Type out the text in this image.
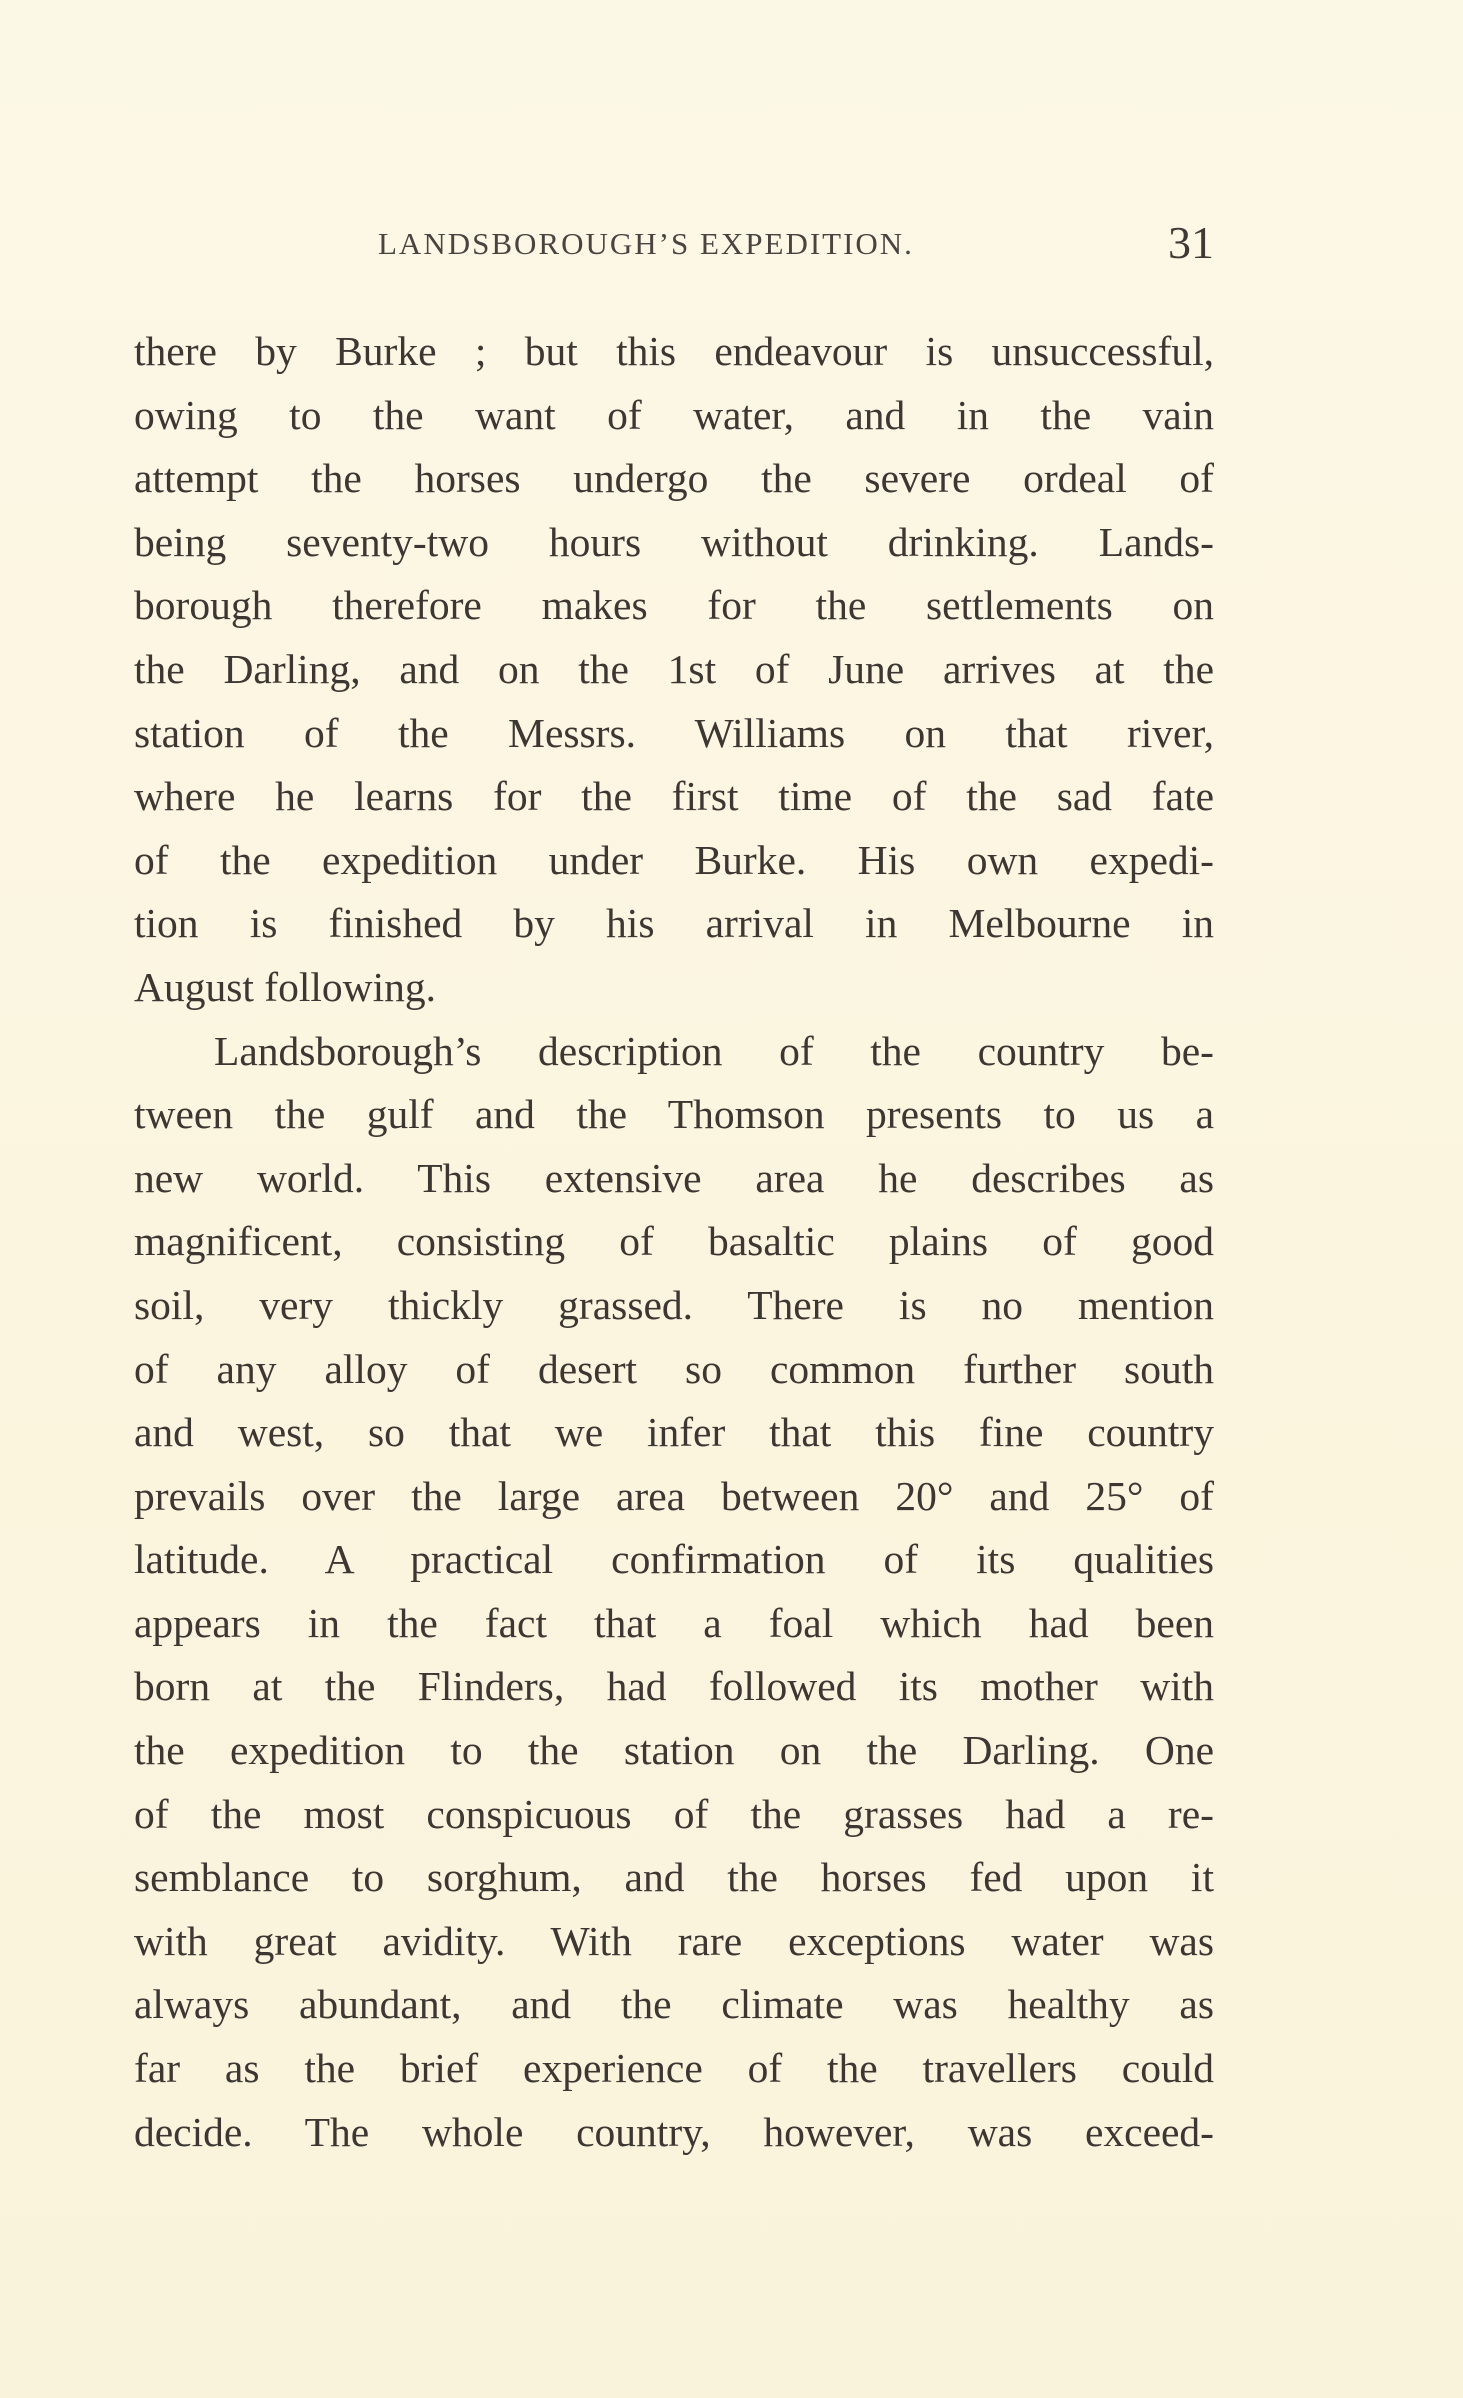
LANDSBOROUGH’S EXPEDITION.	31
there by Burke ; but this endeavour is unsuccessful,
owing to the want of water, and in the vain
attempt the horses undergo the severe ordeal of
being seventy-two hours without drinking. Lands-
borough therefore makes for the settlements on
the Darling, and on the 1st of June arrives at the
station of the Messrs. Williams on that river,
where he learns for the first time of the sad fate
of the expedition under Burke. His own expedi-
tion is finished by his arrival in Melbourne in
August following.
Landsborough’s description of the country be-
tween the gulf and the Thomson presents to us a
new world. This extensive area he describes as
magnificent, consisting of basaltic plains of good
soil, very thickly grassed. There is no mention
of any alloy of desert so common further south
and west, so that we infer that this fine country
prevails over the large area between 20° and 25° of
latitude. A practical confirmation of its qualities
appears in the fact that a foal which had been
born at the Flinders, had followed its mother with
the expedition to the station on the Darling. One
of the most conspicuous of the grasses had a re-
semblance to sorghum, and the horses fed upon it
with great avidity. With rare exceptions water was
always abundant, and the climate was healthy as
far as the brief experience of the travellers could
decide. The whole country, however, was exceed-
